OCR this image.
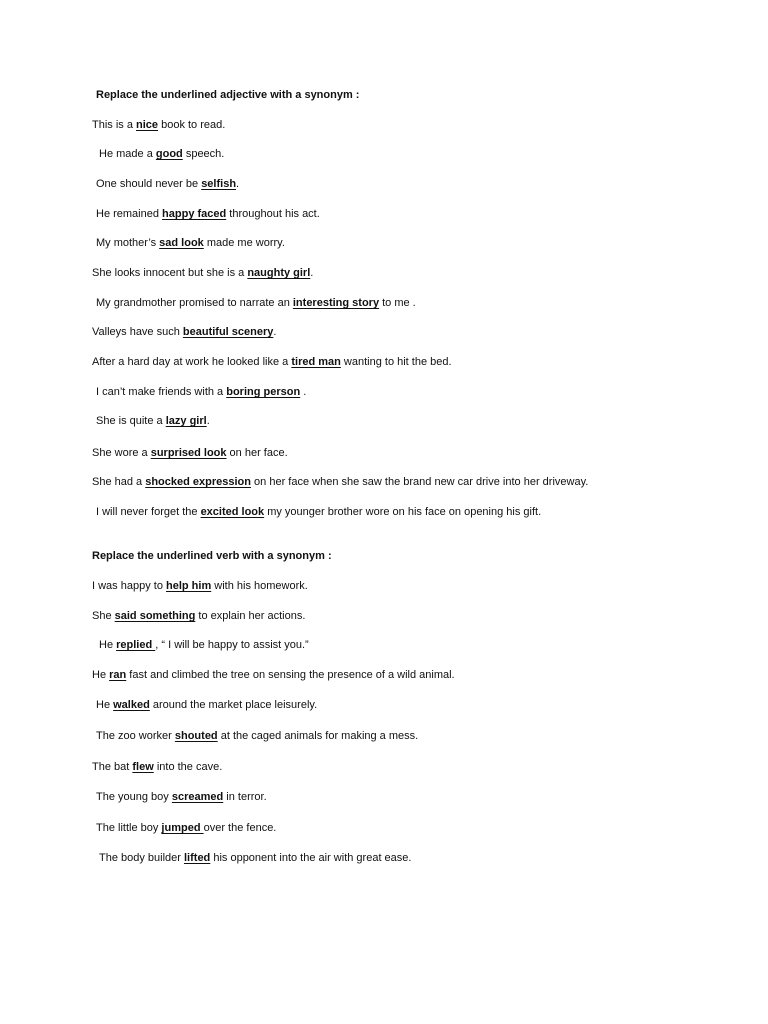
Replace the underlined adjective with a synonym :
This is a nice book to read.
He made a good speech.
One should never be selfish.
He remained happy faced throughout his act.
My mother’s sad look made me worry.
She looks innocent but she is a naughty girl.
My grandmother promised to narrate an interesting story to me .
Valleys have such beautiful scenery.
After a hard day at work he looked like a tired man wanting to hit the bed.
I can’t make friends with a boring person .
She is quite a lazy girl.
She wore a surprised look on her face.
She had a shocked expression on her face when she saw the brand new car drive into her driveway.
I will never forget the excited look my younger brother wore on his face on opening his gift.
Replace the underlined verb with a synonym :
I was happy to help him with his homework.
She said something to explain her actions.
He replied , “ I will be happy to assist you.”
He ran fast and climbed the tree on sensing the presence of a wild animal.
He walked around the market place leisurely.
The zoo worker shouted at the caged animals for making a mess.
The bat flew into the cave.
The young boy screamed in terror.
The little boy jumped over the fence.
The body builder lifted his opponent into the air with great ease.
